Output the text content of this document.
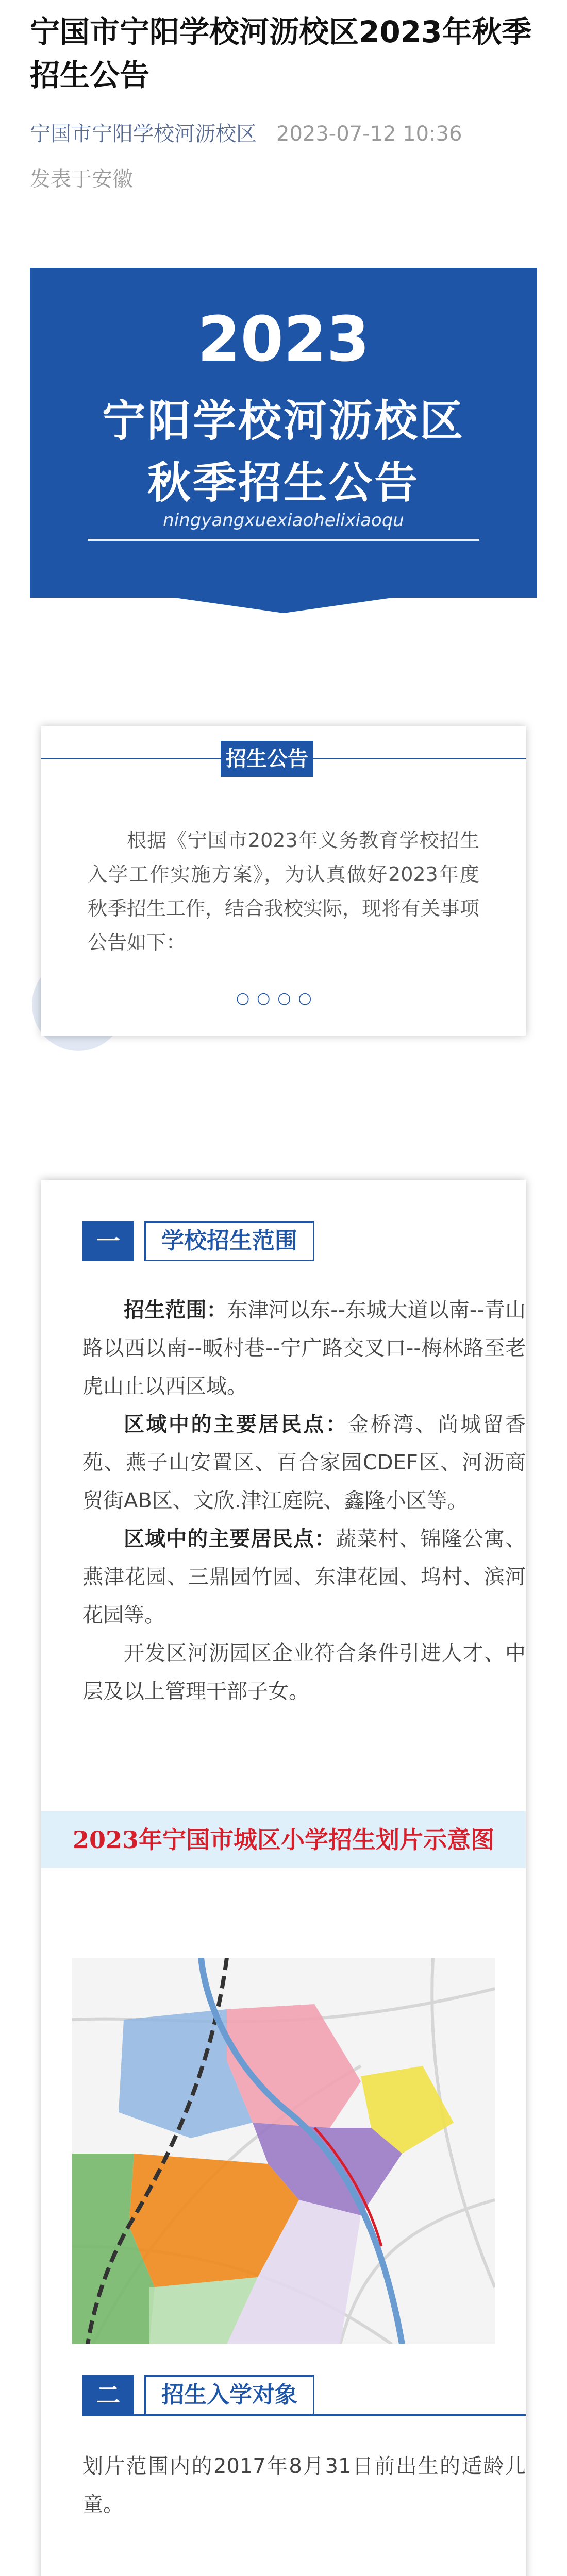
宁国市宁阳学校河沥校区2023年秋季招生公告
宁国市宁阳学校河沥校区 2023-07-12 10:36
发表于安徽
2023
宁阳学校河沥校区
秋季招生公告
ningyangxuexiaohelixiaoqu
招生公告

根据《宁国市2023年义务教育学校招生入学工作实施方案》，为认真做好2023年度秋季招生工作，结合我校实际，现将有关事项公告如下：

○○○○
一	学校招生范围

招生范围：东津河以东--东城大道以南--青山路以西以南--畈村巷--宁广路交叉口--梅林路至老虎山止以西区域。

区域中的主要居民点：金桥湾、尚城留香苑、燕子山安置区、百合家园CDEF区、河沥商贸街AB区、文欣.津江庭院、鑫隆小区等。

区域中的主要居民点：蔬菜村、锦隆公寓、燕津花园、三鼎园竹园、东津花园、坞村、滨河花园等。

开发区河沥园区企业符合条件引进人才、中层及以上管理干部子女。

2023年宁国市城区小学招生划片示意图
二	招生入学对象

划片范围内的2017年8月31日前出生的适龄儿童。
